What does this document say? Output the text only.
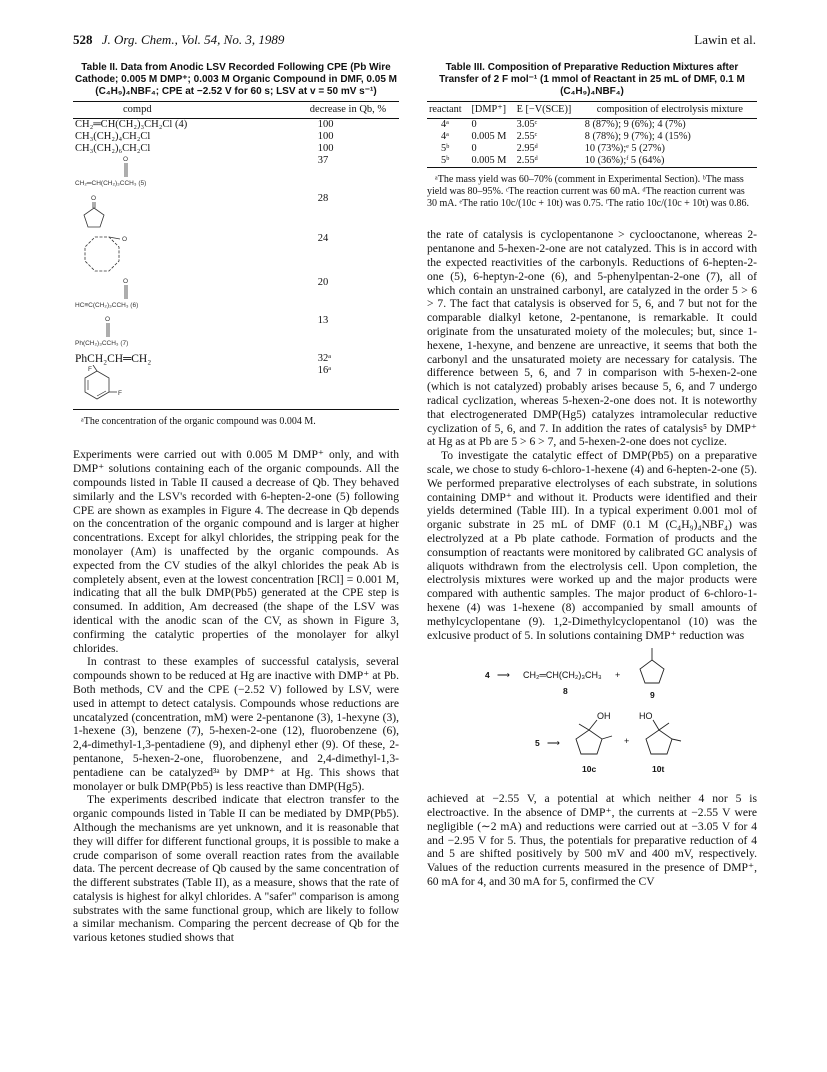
528 J. Org. Chem., Vol. 54, No. 3, 1989	Lawin et al.

Table II. Data from Anodic LSV Recorded Following CPE (Pb Wire Cathode; 0.005 M DMP⁺; 0.003 M Organic Compound in DMF, 0.05 M (C₄H₉)₄NBF₄; CPE at −2.52 V for 60 s; LSV at v = 50 mV s⁻¹)

compd	decrease in Qb, %
CH₂═CH(CH₂)₃CH₂Cl (4)	100
CH₃(CH₂)₄CH₂Cl	100
CH₃(CH₂)₆CH₂Cl	100

O
CH₂═CH(CH₂)₃CCH₃ (5)	37

O	28

O	24

O
HC≡C(CH₂)₃CCH₃ (6)	20

O
Ph(CH₂)₃CCH₃ (7)	13
PhCH₂CH═CH₂	32ᵃ

F
F	16ᵃ

ᵃThe concentration of the organic compound was 0.004 M.

Experiments were carried out with 0.005 M DMP⁺ only, and with DMP⁺ solutions containing each of the organic compounds. All the compounds listed in Table II caused a decrease of Qb. They behaved similarly and the LSV's recorded with 6-hepten-2-one (5) following CPE are shown as examples in Figure 4. The decrease in Qb depends on the concentration of the organic compound and is larger at higher concentrations. Except for alkyl chlorides, the stripping peak for the monolayer (Am) is unaffected by the organic compounds. As expected from the CV studies of the alkyl chlorides the peak Ab is completely absent, even at the lowest concentration [RCl] = 0.001 M, indicating that all the bulk DMP(Pb5) generated at the CPE step is consumed. In addition, Am decreased (the shape of the LSV was identical with the anodic scan of the CV, as shown in Figure 3, confirming the catalytic properties of the monolayer for alkyl chlorides.

In contrast to these examples of successful catalysis, several compounds shown to be reduced at Hg are inactive with DMP⁺ at Pb. Both methods, CV and the CPE (−2.52 V) followed by LSV, were used in attempt to detect catalysis. Compounds whose reductions are uncatalyzed (concentration, mM) were 2-pentanone (3), 1-hexyne (3), 1-hexene (3), benzene (7), 5-hexen-2-one (12), fluorobenzene (6), 2,4-dimethyl-1,3-pentadiene (9), and diphenyl ether (9). Of these, 2-pentanone, 5-hexen-2-one, fluorobenzene, and 2,4-dimethyl-1,3-pentadiene can be catalyzed³ᵃ by DMP⁺ at Hg. This shows that monolayer or bulk DMP(Pb5) is less reactive than DMP(Hg5).

The experiments described indicate that electron transfer to the organic compounds listed in Table II can be mediated by DMP(Pb5). Although the mechanisms are yet unknown, and it is reasonable that they will differ for different functional groups, it is possible to make a crude comparison of some overall reaction rates from the available data. The percent decrease of Qb caused by the same concentration of the different substrates (Table II), as a measure, shows that the rate of catalysis is highest for alkyl chlorides. A "safer" comparison is among substrates with the same functional group, which are likely to follow a similar mechanism. Comparing the percent decrease of Qb for the various ketones studied shows that

Table III. Composition of Preparative Reduction Mixtures after Transfer of 2 F mol⁻¹ (1 mmol of Reactant in 25 mL of DMF, 0.1 M (C₄H₉)₄NBF₄)

reactant	[DMP⁺]	E [−V(SCE)]	composition of electrolysis mixture
4ᵃ	0	3.05ᶜ	8 (87%); 9 (6%); 4 (7%)
4ᵃ	0.005 M	2.55ᶜ	8 (78%); 9 (7%); 4 (15%)
5ᵇ	0	2.95ᵈ	10 (73%);ᵉ 5 (27%)
5ᵇ	0.005 M	2.55ᵈ	10 (36%);ᶠ 5 (64%)

ᵃThe mass yield was 60–70% (comment in Experimental Section). ᵇThe mass yield was 80–95%. ᶜThe reaction current was 60 mA. ᵈThe reaction current was 30 mA. ᵉThe ratio 10c/(10c + 10t) was 0.75. ᶠThe ratio 10c/(10c + 10t) was 0.86.

the rate of catalysis is cyclopentanone > cyclooctanone, whereas 2-pentanone and 5-hexen-2-one are not catalyzed. This is in accord with the expected reactivities of the carbonyls. Reductions of 6-hepten-2-one (5), 6-heptyn-2-one (6), and 5-phenylpentan-2-one (7), all of which contain an unstrained carbonyl, are catalyzed in the order 5 > 6 > 7. The fact that catalysis is observed for 5, 6, and 7 but not for the comparable dialkyl ketone, 2-pentanone, is remarkable. It could originate from the unsaturated moiety of the molecules; but, since 1-hexene, 1-hexyne, and benzene are unreactive, it seems that both the carbonyl and the unsaturated moiety are necessary for catalysis. The difference between 5, 6, and 7 in comparison with 5-hexen-2-one (which is not catalyzed) probably arises because 5, 6, and 7 undergo radical cyclization, whereas 5-hexen-2-one does not. It is noteworthy that electrogenerated DMP(Hg5) catalyzes intramolecular reductive cyclization of 5, 6, and 7. In addition the rates of catalysis⁵ by DMP⁺ at Hg as at Pb are 5 > 6 > 7, and 5-hexen-2-one does not cyclize.

To investigate the catalytic effect of DMP(Pb5) on a preparative scale, we chose to study 6-chloro-1-hexene (4) and 6-hepten-2-one (5). We performed preparative electrolyses of each substrate, in solutions containing DMP⁺ and without it. Products were identified and their yields determined (Table III). In a typical experiment 0.001 mol of organic substrate in 25 mL of DMF (0.1 M (C₄H₉)₄NBF₄) was electrolyzed at a Pb plate cathode. Formation of products and the consumption of reactants were monitored by calibrated GC analysis of aliquots withdrawn from the electrolysis cell. Upon completion, the electrolysis mixtures were worked up and the major products were compared with authentic samples. The major product of 6-chloro-1-hexene (4) was 1-hexene (8) accompanied by small amounts of methylcyclopentane (9). 1,2-Dimethylcyclopentanol (10) was the exlcusive product of 5. In solutions containing DMP⁺ reduction was

4 ⟶ CH₂═CH(CH₂)₃CH₃ +
8	9
5 ⟶
OH
10c
+
HO
10t

achieved at −2.55 V, a potential at which neither 4 nor 5 is electroactive. In the absence of DMP⁺, the currents at −2.55 V were negligible (∼2 mA) and reductions were carried out at −3.05 V for 4 and −2.95 V for 5. Thus, the potentials for preparative reduction of 4 and 5 are shifted positively by 500 mV and 400 mV, respectively. Values of the reduction currents measured in the presence of DMP⁺, 60 mA for 4, and 30 mA for 5, confirmed the CV
